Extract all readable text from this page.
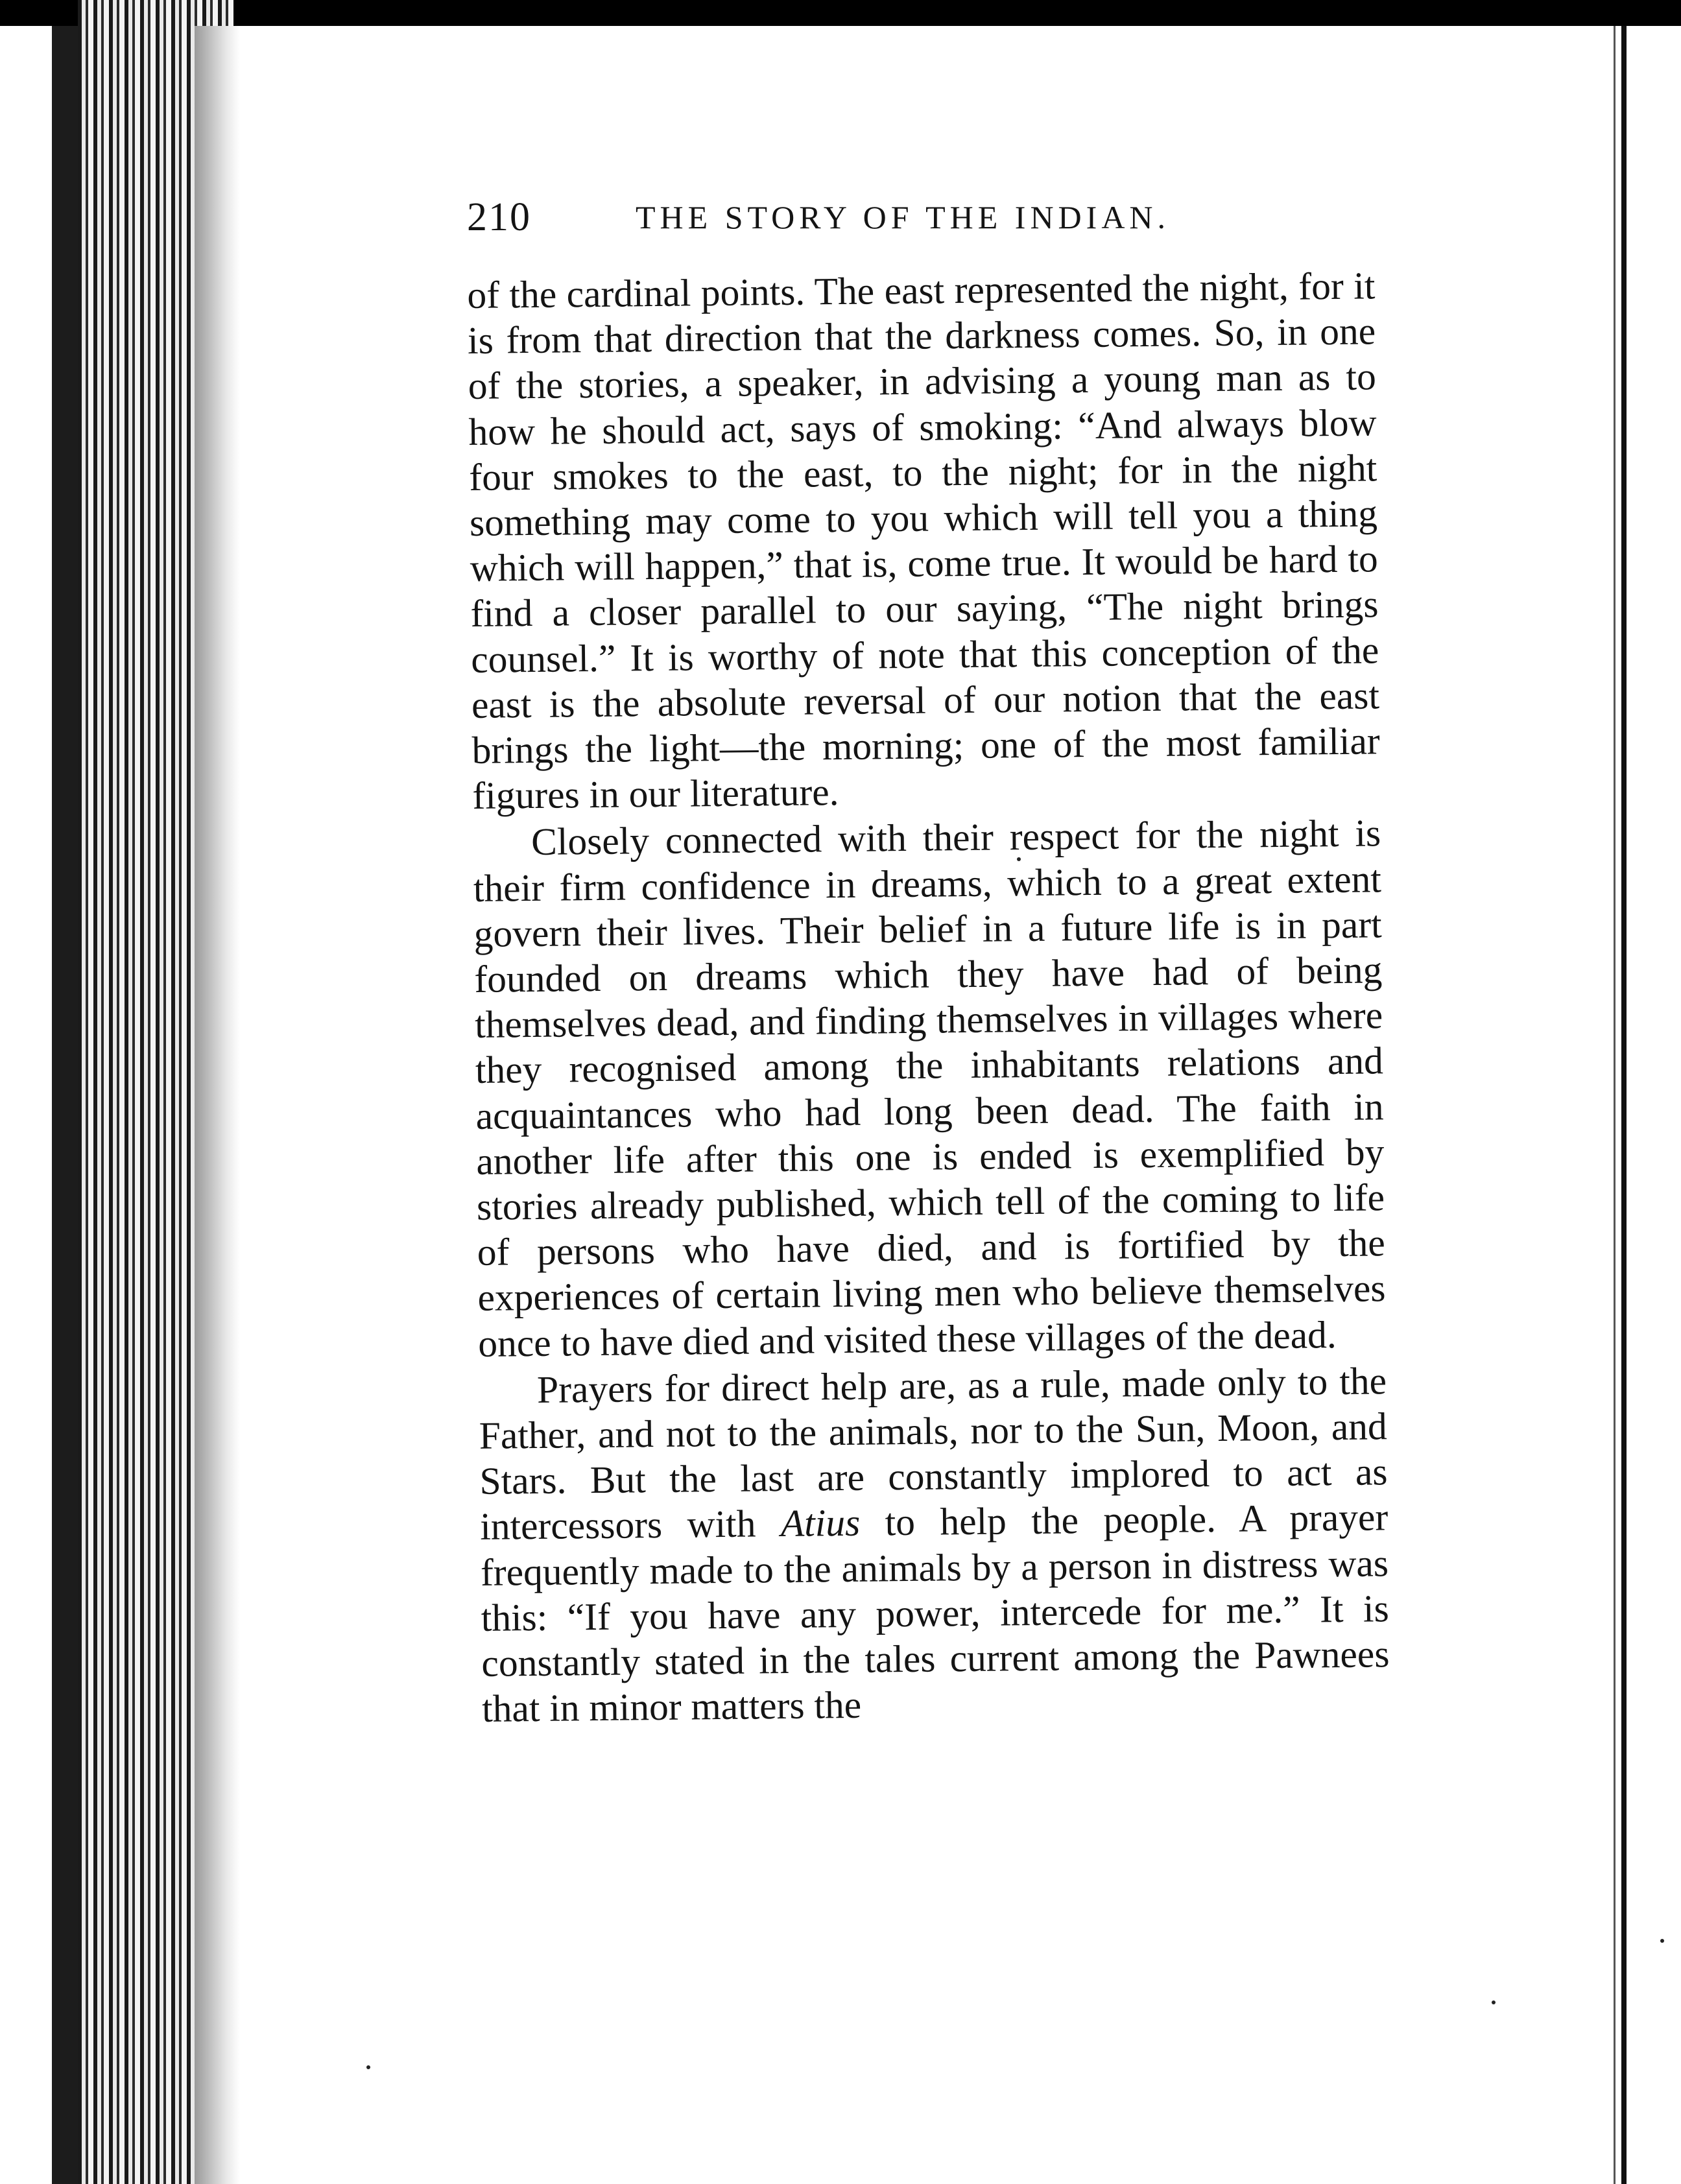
210	THE STORY OF THE INDIAN.

of the cardinal points. The east represented the night, for it is from that direction that the darkness comes. So, in one of the stories, a speaker, in advising a young man as to how he should act, says of smoking: “And always blow four smokes to the east, to the night; for in the night something may come to you which will tell you a thing which will happen,” that is, come true. It would be hard to find a closer parallel to our saying, “The night brings counsel.” It is worthy of note that this conception of the east is the absolute reversal of our notion that the east brings the light—the morning; one of the most familiar figures in our literature.

Closely connected with their respect for the night is their firm confidence in dreams, which to a great extent govern their lives. Their belief in a future life is in part founded on dreams which they have had of being themselves dead, and finding themselves in villages where they recognised among the inhabitants relations and acquaintances who had long been dead. The faith in another life after this one is ended is exemplified by stories already published, which tell of the coming to life of persons who have died, and is fortified by the experiences of certain living men who believe themselves once to have died and visited these villages of the dead.

Prayers for direct help are, as a rule, made only to the Father, and not to the animals, nor to the Sun, Moon, and Stars. But the last are constantly implored to act as intercessors with Atius to help the people. A prayer frequently made to the animals by a person in distress was this: “If you have any power, intercede for me.” It is constantly stated in the tales current among the Pawnees that in minor matters the
